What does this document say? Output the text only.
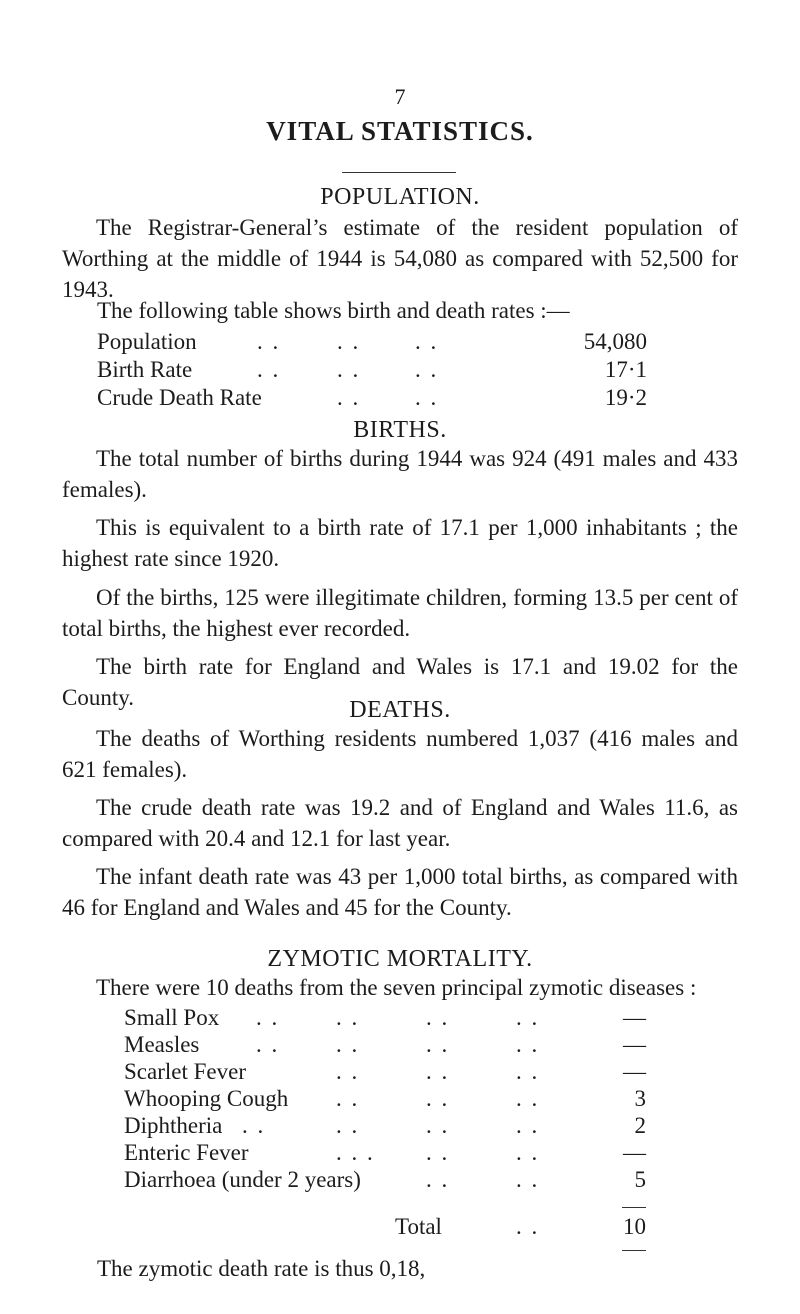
7
VITAL STATISTICS.
POPULATION.
The Registrar-General’s estimate of the resident population of Worthing at the middle of 1944 is 54,080 as compared with 52,500 for 1943.
The following table shows birth and death rates :—
Population	. . . . . .	54,080
Birth Rate	. . . . . .	17·1
Crude Death Rate	. . . .	19·2
BIRTHS.
The total number of births during 1944 was 924 (491 males and 433 females).
This is equivalent to a birth rate of 17.1 per 1,000 inhabitants ; the highest rate since 1920.
Of the births, 125 were illegitimate children, forming 13.5 per cent of total births, the highest ever recorded.
The birth rate for England and Wales is 17.1 and 19.02 for the County.	DEATHS.
The deaths of Worthing residents numbered 1,037 (416 males and 621 females).
The crude death rate was 19.2 and of England and Wales 11.6, as compared with 20.4 and 12.1 for last year.
The infant death rate was 43 per 1,000 total births, as compared with 46 for England and Wales and 45 for the County.
ZYMOTIC MORTALITY.
There were 10 deaths from the seven principal zymotic diseases :
Small Pox . . . .	. .	. .	—
Measles . . . .	. .	. .	—
Scarlet Fever	. .	. .	. .	—
Whooping Cough . .	. .	. .	3
Diphtheria . .	. .	. .	. .	2
Enteric Fever	. . . . .	. .	—
Diarrhoea (under 2 years)	. .	. .	5
Total	. .	10
The zymotic death rate is thus 0,18,
